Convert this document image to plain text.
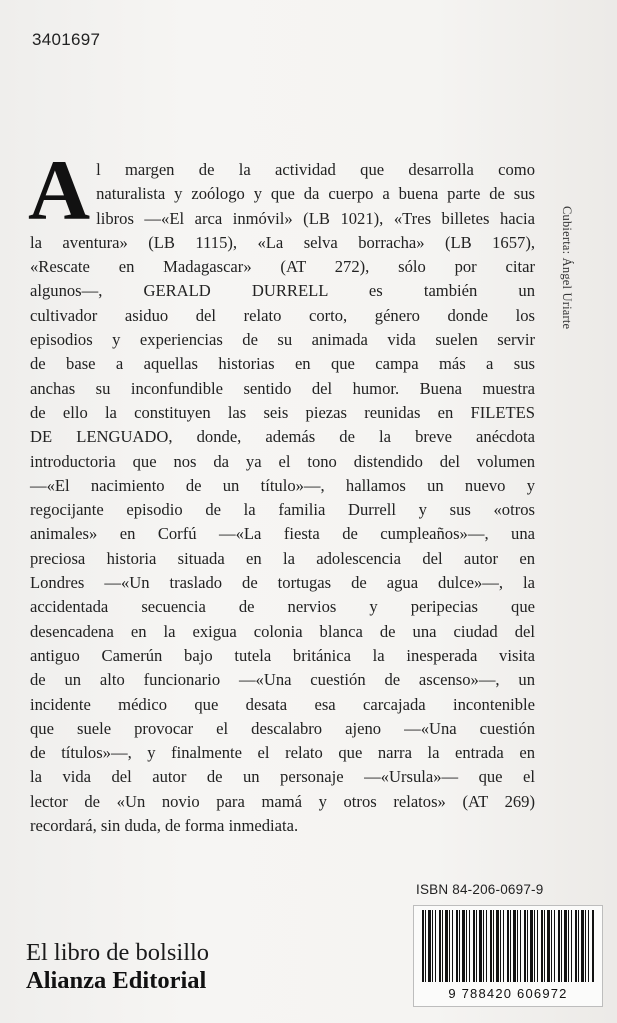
3401697
A l margen de la actividad que desarrolla como
naturalista y zoólogo y que da cuerpo a buena parte de sus
libros —«El arca inmóvil» (LB 1021), «Tres billetes hacia
la aventura» (LB 1115), «La selva borracha» (LB 1657),
«Rescate en Madagascar» (AT 272), sólo por citar
algunos—, GERALD DURRELL es también un
cultivador asiduo del relato corto, género donde los
episodios y experiencias de su animada vida suelen servir
de base a aquellas historias en que campa más a sus
anchas su inconfundible sentido del humor. Buena muestra
de ello la constituyen las seis piezas reunidas en FILETES
DE LENGUADO, donde, además de la breve anécdota
introductoria que nos da ya el tono distendido del volumen
—«El nacimiento de un título»—, hallamos un nuevo y
regocijante episodio de la familia Durrell y sus «otros
animales» en Corfú —«La fiesta de cumpleaños»—, una
preciosa historia situada en la adolescencia del autor en
Londres —«Un traslado de tortugas de agua dulce»—, la
accidentada secuencia de nervios y peripecias que
desencadena en la exigua colonia blanca de una ciudad del
antiguo Camerún bajo tutela británica la inesperada visita
de un alto funcionario —«Una cuestión de ascenso»—, un
incidente médico que desata esa carcajada incontenible
que suele provocar el descalabro ajeno —«Una cuestión
de títulos»—, y finalmente el relato que narra la entrada en
la vida del autor de un personaje —«Ursula»— que el
lector de «Un novio para mamá y otros relatos» (AT 269)
recordará, sin duda, de forma inmediata.
Cubierta: Ángel Uriarte
ISBN 84-206-0697-9
9 788420 606972
El libro de bolsillo
Alianza Editorial
